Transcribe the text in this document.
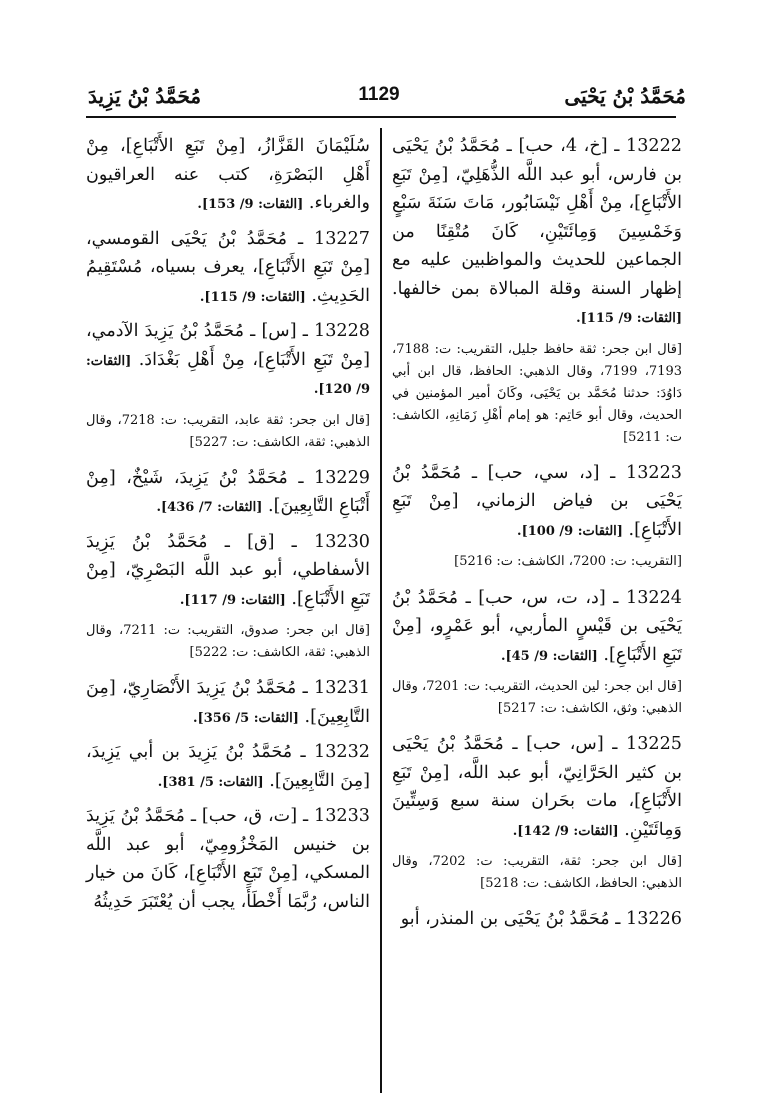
مُحَمَّدُ بْنُ يَحْيَى
1129
مُحَمَّدُ بْنُ يَزِيدَ

13222 ـ [خ، 4، حب] ـ مُحَمَّدُ بْنُ يَحْيَى بن فارس، أبو عبد اللَّه الذُّهَلِيّ، [مِنْ تَبَعِ الأَتْبَاعِ]، مِنْ أَهْلِ نَيْسَابُور، مَاتَ سَنَةَ سَبْعٍ وَخَمْسِينَ وَمِائَتَيْنِ، كَانَ مُتْقِنًا من الجماعين للحديث والمواظبين عليه مع إظهار السنة وقلة المبالاة بمن خالفها. [الثقات: 9/ 115].

[قال ابن جحر: ثقة حافظ جليل، التقريب: ت: 7188، 7193، 7199، وقال الذهبي: الحافظ، قال ابن أبي دَاوُدَ: حدثنا مُحَمَّد بن يَحْيَى، وكَانَ أمير المؤمنين في الحديث، وقال أبو حَاتِم: هو إمام أهْلِ زَمَانِهِ، الكاشف: ت: 5211]

13223 ـ [د، سي، حب] ـ مُحَمَّدُ بْنُ يَحْيَى بن فياض الزماني، [مِنْ تَبَعِ الأَتْبَاعِ]. [الثقات: 9/ 100].

[التقريب: ت: 7200، الكاشف: ت: 5216]

13224 ـ [د، ت، س، حب] ـ مُحَمَّدُ بْنُ يَحْيَى بن قَيْسٍ المأربي، أبو عَمْرٍو، [مِنْ تَبَعِ الأَتْبَاعِ]. [الثقات: 9/ 45].

[قال ابن جحر: لين الحديث، التقريب: ت: 7201، وقال الذهبي: وثق، الكاشف: ت: 5217]

13225 ـ [س، حب] ـ مُحَمَّدُ بْنُ يَحْيَى بن كثير الحَرَّانِيّ، أبو عبد اللَّه، [مِنْ تَبَعِ الأَتْبَاعِ]، مات بحَران سنة سبع وَسِتِّينَ وَمِائَتَيْنِ. [الثقات: 9/ 142].

[قال ابن جحر: ثقة، التقريب: ت: 7202، وقال الذهبي: الحافظ، الكاشف: ت: 5218]

13226 ـ مُحَمَّدُ بْنُ يَحْيَى بن المنذر، أبو

سُلَيْمَانَ القَزَّازُ، [مِنْ تَبَعِ الأَتْبَاعِ]، مِنْ أَهْلِ البَصْرَةِ، كتب عنه العراقيون والغرباء. [الثقات: 9/ 153].

13227 ـ مُحَمَّدُ بْنُ يَحْيَى القومسي، [مِنْ تَبَعِ الأَتْبَاعِ]، يعرف بسياه، مُسْتَقِيمُ الحَدِيثِ. [الثقات: 9/ 115].

13228 ـ [س] ـ مُحَمَّدُ بْنُ يَزِيدَ الآدمي، [مِنْ تَبَعِ الأَتْبَاعِ]، مِنْ أَهْلِ بَغْدَادَ. [الثقات: 9/ 120].

[قال ابن جحر: ثقة عابد، التقريب: ت: 7218، وقال الذهبي: ثقة، الكاشف: ت: 5227]

13229 ـ مُحَمَّدُ بْنُ يَزِيدَ، شَيْخٌ، [مِنْ أَتْبَاعِ التَّابِعِينَ]. [الثقات: 7/ 436].

13230 ـ [ق] ـ مُحَمَّدُ بْنُ يَزِيدَ الأسفاطي، أبو عبد اللَّه البَصْرِيّ، [مِنْ تَبَعِ الأَتْبَاعِ]. [الثقات: 9/ 117].

[قال ابن جحر: صدوق، التقريب: ت: 7211، وقال الذهبي: ثقة، الكاشف: ت: 5222]

13231 ـ مُحَمَّدُ بْنُ يَزِيدَ الأَنْصَارِيّ، [مِنَ التَّابِعِينَ]. [الثقات: 5/ 356].

13232 ـ مُحَمَّدُ بْنُ يَزِيدَ بن أبي يَزِيدَ، [مِنَ التَّابِعِينَ]. [الثقات: 5/ 381].

13233 ـ [ت، ق، حب] ـ مُحَمَّدُ بْنُ يَزِيدَ بن خنيس المَخْزُومِيّ، أبو عبد اللَّه المسكي، [مِنْ تَبَعِ الأَتْبَاعِ]، كَانَ من خيار الناس، رُبَّمَا أَخْطَأَ، يجب أن يُعْتَبَرَ حَدِيثُهُ
